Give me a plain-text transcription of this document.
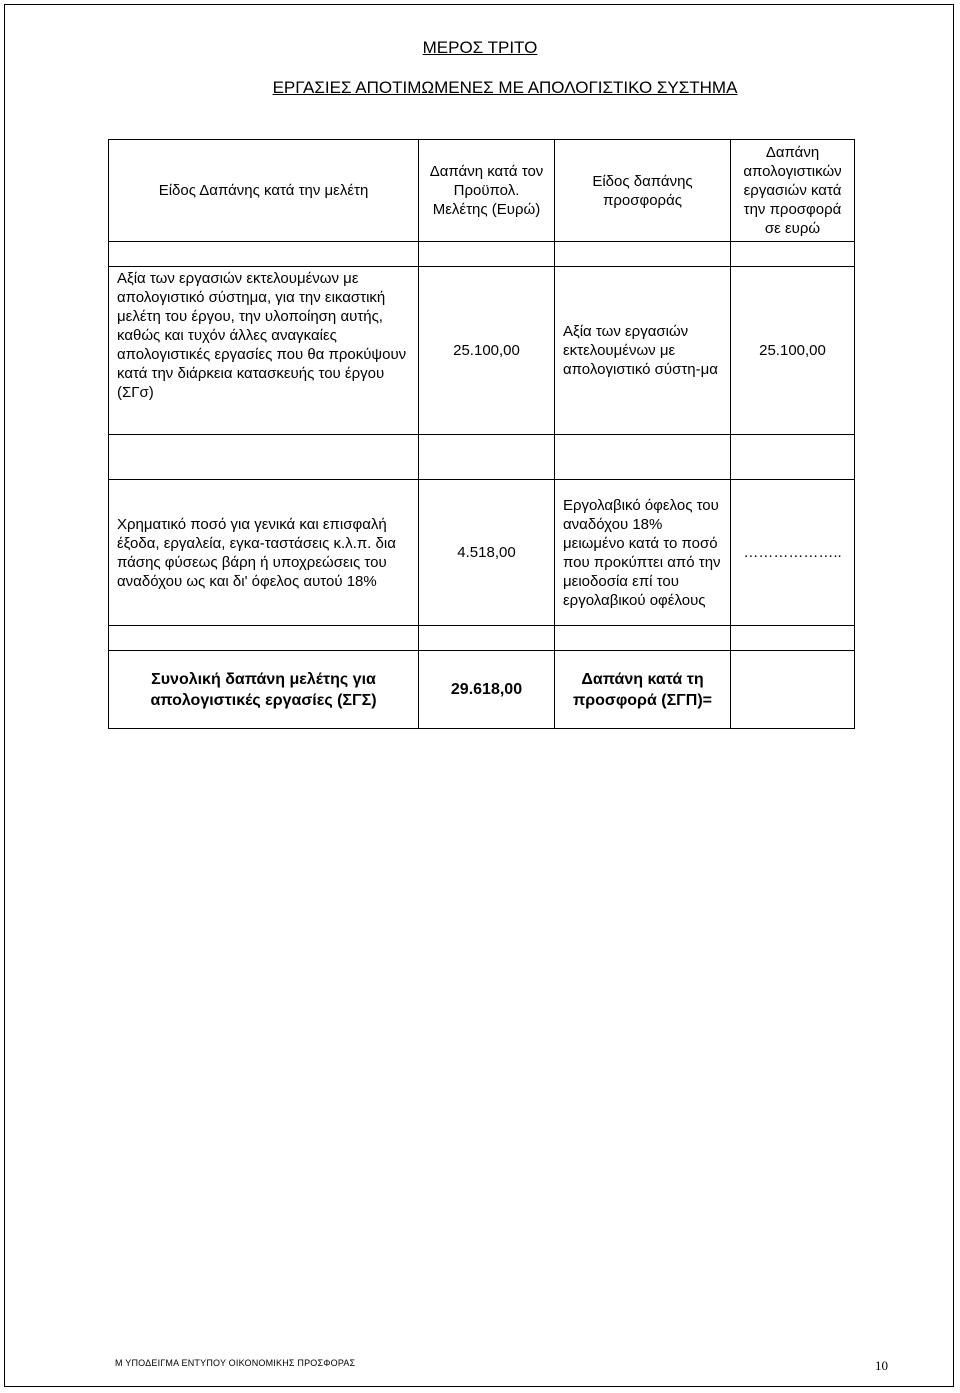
ΜΕΡΟΣ ΤΡΙΤΟ
ΕΡΓΑΣΙΕΣ ΑΠΟΤΙΜΩΜΕΝΕΣ ΜΕ ΑΠΟΛΟΓΙΣΤΙΚΟ ΣΥΣΤΗΜΑ
Είδος Δαπάνης κατά την μελέτη	Δαπάνη κατά τον Προϋπολ. Μελέτης (Ευρώ)	Είδος δαπάνης προσφοράς	Δαπάνη απολογιστικών εργασιών κατά την προσφορά σε ευρώ

Αξία των εργασιών εκτελουμένων με απολογιστικό σύστημα, για την εικαστική μελέτη του έργου, την υλοποίηση αυτής, καθώς και τυχόν άλλες αναγκαίες απολογιστικές εργασίες που θα προκύψουν κατά την διάρκεια κατασκευής του έργου (ΣΓσ)	25.100,00	Αξία των εργασιών εκτελουμένων με απολογιστικό σύστη-μα	25.100,00

Χρηματικό ποσό για γενικά και επισφαλή έξοδα, εργαλεία, εγκα-ταστάσεις κ.λ.π. δια πάσης φύσεως βάρη ή υποχρεώσεις του αναδόχου ως και δι' όφελος αυτού 18%	4.518,00	Εργολαβικό όφελος του αναδόχου 18% μειωμένο κατά το ποσό που προκύπτει από την μειοδοσία επί του εργολαβικού οφέλους	………………..

Συνολική δαπάνη μελέτης για απολογιστικές εργασίες (ΣΓΣ)	29.618,00	Δαπάνη κατά τη προσφορά (ΣΓΠ)=	
Μ ΥΠΟΔΕΙΓΜΑ ΕΝΤΥΠΟΥ ΟΙΚΟΝΟΜΙΚΗΣ ΠΡΟΣΦΟΡΑΣ	10
